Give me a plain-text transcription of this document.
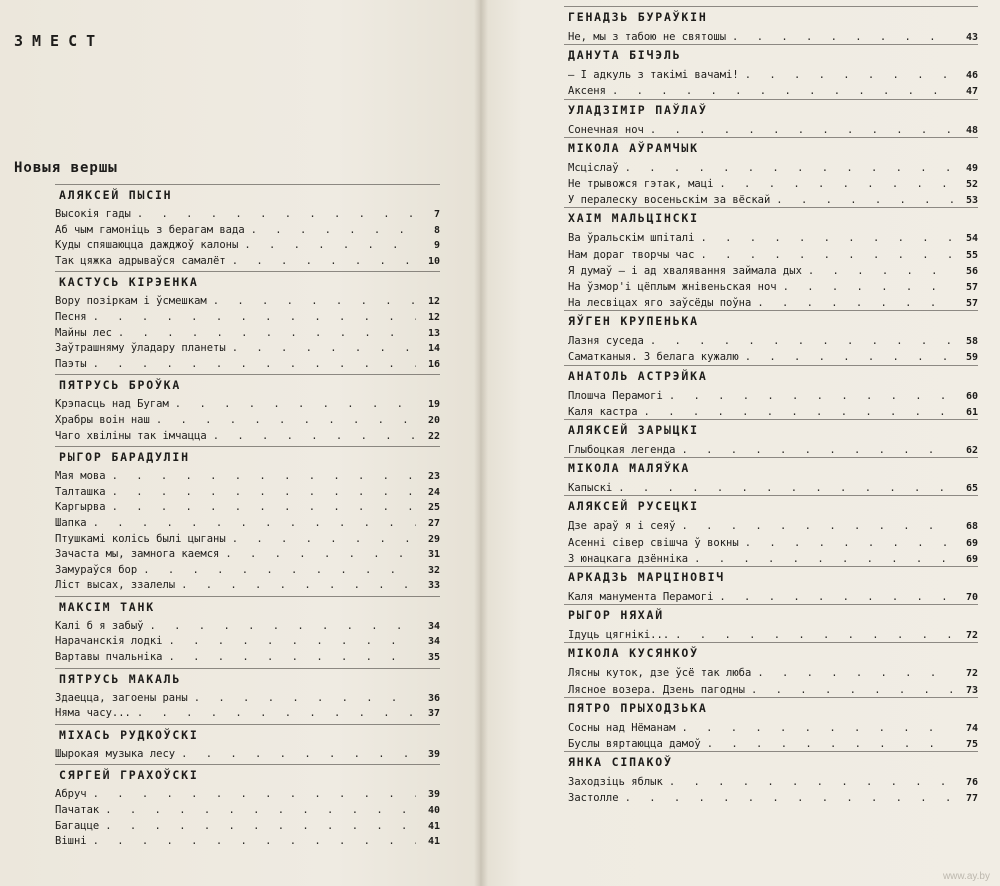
ЗМЕСТ
Новыя вершы
АЛЯКСЕЙ ПЫСІН
Высокія гады . . .	7
Аб чым гамоніць з берагам вада . . .	8
Куды спяшаюцца дажджоў калоны . . .	9
Так цяжка адрываўся самалёт . . .	10
КАСТУСЬ КІРЭЕНКА
Вору позіркам і ўсмешкам . . .	12
Песня . . .	12
Майны лес . . .	13
Заўтрашняму ўладару планеты . . .	14
Паэты . . .	16
ПЯТРУСЬ БРОЎКА
Крэпасць над Бугам . . .	19
Храбры воін наш . . .	20
Чаго хвіліны так імчацца . . .	22
РЫГОР БАРАДУЛІН
Мая мова . . .	23
Талташка . . .	24
Каргырва . . .	25
Шапка . . .	27
Птушкамі колісь былі цыганы . . .	29
Зачаста мы, замнога каемся . . .	31
Замураўся бор . . .	32
Ліст высах, ззалелы . . .	33
МАКСІМ ТАНК
Калі б я забыў . . .	34
Нарачанскія лодкі . . .	34
Вартавы пчальніка . . .	35
ПЯТРУСЬ МАКАЛЬ
Здаецца, загоены раны . . .	36
Няма часу... . . .	37
МІХАСЬ РУДКОЎСКІ
Шырокая музыка лесу . . .	39
СЯРГЕЙ ГРАХОЎСКІ
Абруч . . .	39
Пачатак . . .	40
Багацце . . .	41
Вішні . . .	41
ГЕНАДЗЬ БУРАЎКІН
Не, мы з табою не святошы . . .	43
ДАНУТА БІЧЭЛЬ
— І адкуль з такімі вачамі! . . .	46
Аксеня . . .	47
УЛАДЗІМІР ПАЎЛАЎ
Сонечная ноч . . .	48
МІКОЛА АЎРАМЧЫК
Мсціслаў . . .	49
Не трывожся гэтак, маці . . .	52
У пералеску восеньскім за вёскай . . .	53
ХАІМ МАЛЬЦІНСКІ
Ва ўральскім шпіталі . . .	54
Нам дораг творчы час . . .	55
Я думаў — і ад хвалявання займала дых . . .	56
На ўзмор'і цёплым жнівеньская ноч . . .	57
На лесвіцах яго заўсёды поўна . . .	57
ЯЎГЕН КРУПЕНЬКА
Лазня суседа . . .	58
Саматканыя. З белага кужалю . . .	59
АНАТОЛЬ АСТРЭЙКА
Плошча Перамогі . . .	60
Каля кастра . . .	61
АЛЯКСЕЙ ЗАРЫЦКІ
Глыбоцкая легенда . . .	62
МІКОЛА МАЛЯЎКА
Капыскі . . .	65
АЛЯКСЕЙ РУСЕЦКІ
Дзе араў я і сеяў . . .	68
Асенні сівер свішча ў вокны . . .	69
З юнацкага дзённіка . . .	69
АРКАДЗЬ МАРЦІНОВІЧ
Каля манумента Перамогі . . .	70
РЫГОР НЯХАЙ
Ідуць цягнікі... . . .	72
МІКОЛА КУСЯНКОЎ
Лясны куток, дзе ўсё так люба . . .	72
Лясное возера. Дзень пагодны . . .	73
ПЯТРО ПРЫХОДЗЬКА
Сосны над Нёманам . . .	74
Буслы вяртаюцца дамоў . . .	75
ЯНКА СІПАКОЎ
Заходзіць яблык . . .	76
Застолле . . .	77
www.ay.by
